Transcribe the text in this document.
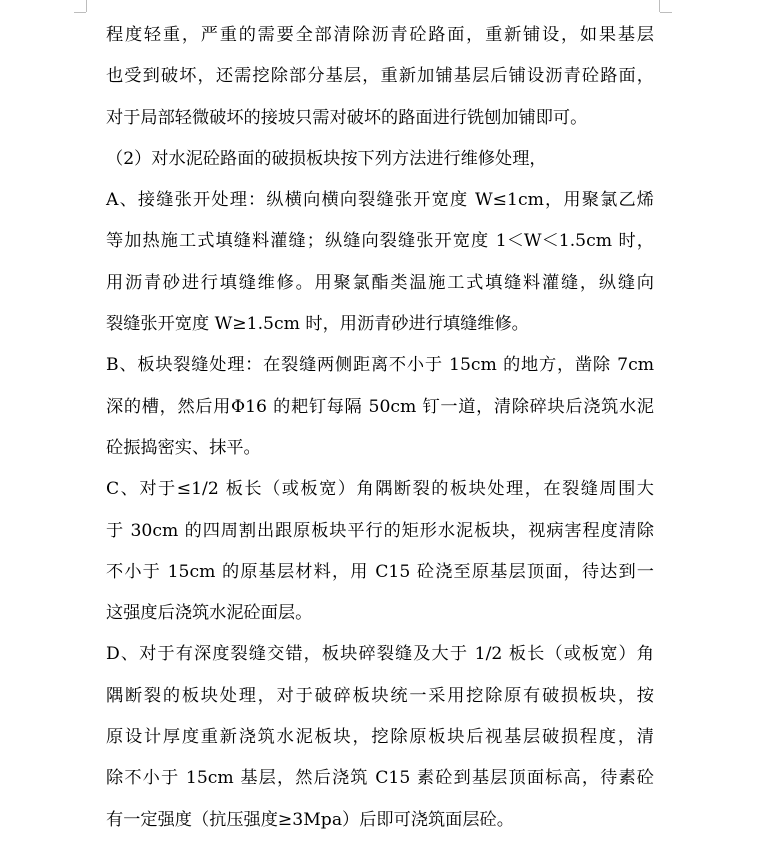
程度轻重，严重的需要全部清除沥青砼路面，重新铺设，如果基层
也受到破坏，还需挖除部分基层，重新加铺基层后铺设沥青砼路面，
对于局部轻微破坏的接坡只需对破坏的路面进行铣刨加铺即可。
（2）对水泥砼路面的破损板块按下列方法进行维修处理，
A、接缝张开处理：纵横向横向裂缝张开宽度 W≤1cm，用聚氯乙烯
等加热施工式填缝料灌缝；纵缝向裂缝张开宽度 1＜W＜1.5cm 时，
用沥青砂进行填缝维修。用聚氯酯类温施工式填缝料灌缝，纵缝向
裂缝张开宽度 W≥1.5cm 时，用沥青砂进行填缝维修。
B、板块裂缝处理：在裂缝两侧距离不小于 15cm 的地方，凿除 7cm
深的槽，然后用Φ16 的耙钉每隔 50cm 钉一道，清除碎块后浇筑水泥
砼振捣密实、抹平。
C、对于≤1/2 板长（或板宽）角隅断裂的板块处理，在裂缝周围大
于 30cm 的四周割出跟原板块平行的矩形水泥板块，视病害程度清除
不小于 15cm 的原基层材料，用 C15 砼浇至原基层顶面，待达到一
这强度后浇筑水泥砼面层。
D、对于有深度裂缝交错，板块碎裂缝及大于 1/2 板长（或板宽）角
隅断裂的板块处理，对于破碎板块统一采用挖除原有破损板块，按
原设计厚度重新浇筑水泥板块，挖除原板块后视基层破损程度，清
除不小于 15cm 基层，然后浇筑 C15 素砼到基层顶面标高，待素砼
有一定强度（抗压强度≥3Mpa）后即可浇筑面层砼。
